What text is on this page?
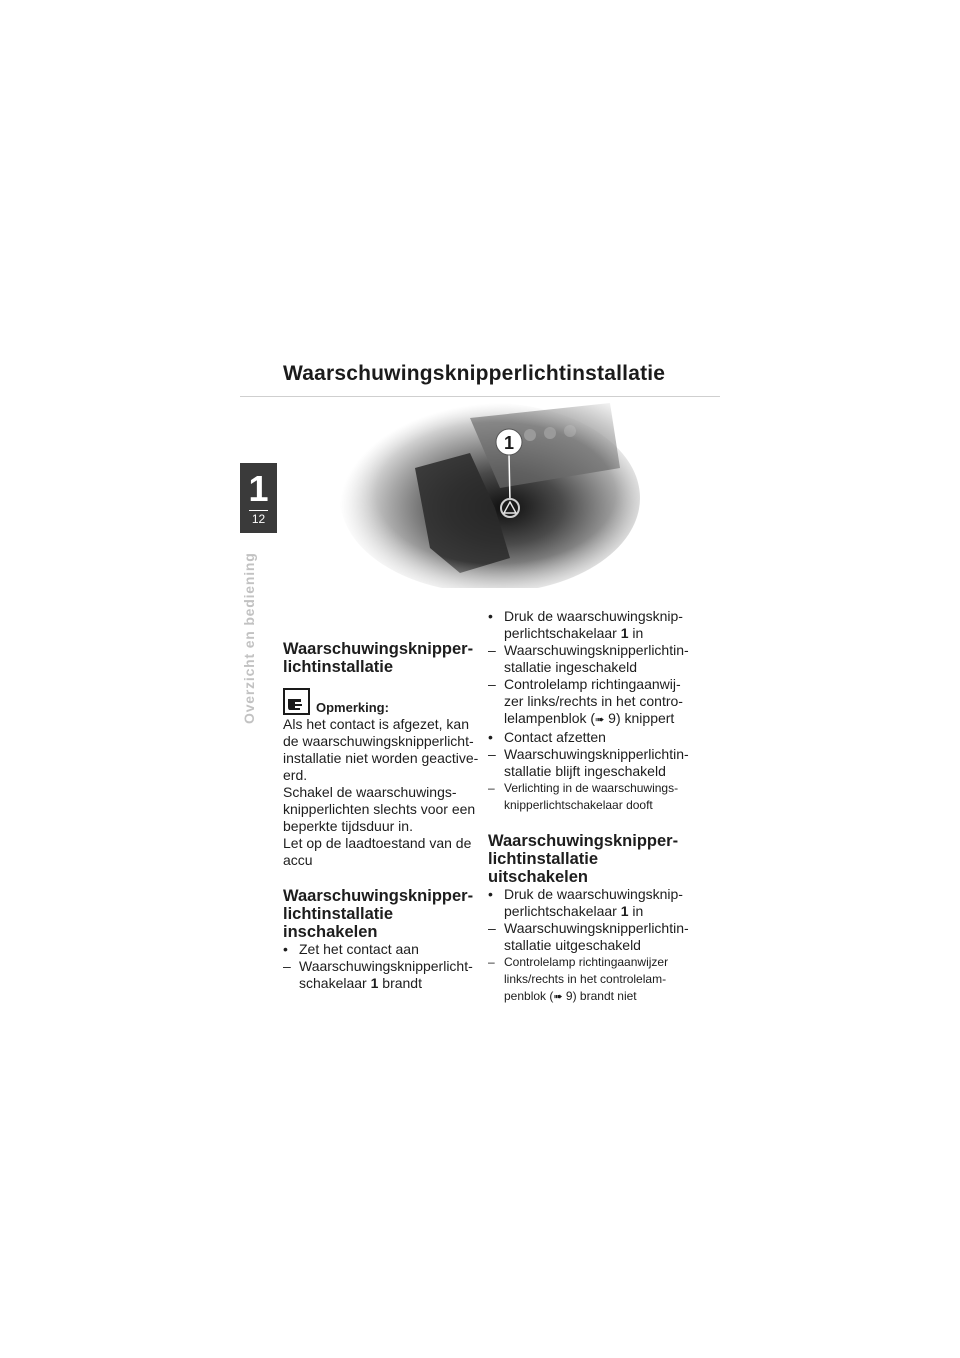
Waarschuwingsknipperlichtinstallatie
1
12
Overzicht en bediening Waarschuwingsknipper-
lichtinstallatie
Opmerking:
Als het contact is afgezet, kan
de waarschuwingsknipperlicht-
installatie niet worden geactive-
erd.
Schakel de waarschuwings-
knipperlichten slechts voor een
beperkte tijdsduur in.
Let op de laadtoestand van de
accu
Waarschuwingsknipper-
lichtinstallatie
inschakelen
• Zet het contact aan
– Waarschuwingsknipperlicht-
schakelaar 1 brandt
• Druk de waarschuwingsknip-
perlichtschakelaar 1 in
– Waarschuwingsknipperlichtin-
stallatie ingeschakeld
– Controlelamp richtingaanwij-
zer links/rechts in het contro-
lelampenblok (➠ 9) knippert
• Contact afzetten
– Waarschuwingsknipperlichtin-
stallatie blijft ingeschakeld
– Verlichting in de waarschuwings-
knipperlichtschakelaar dooft
Waarschuwingsknipper-
lichtinstallatie
uitschakelen
• Druk de waarschuwingsknip-
perlichtschakelaar 1 in
– Waarschuwingsknipperlichtin-
stallatie uitgeschakeld
– Controlelamp richtingaanwijzer
links/rechts in het controlelam-
penblok (➠ 9) brandt niet
